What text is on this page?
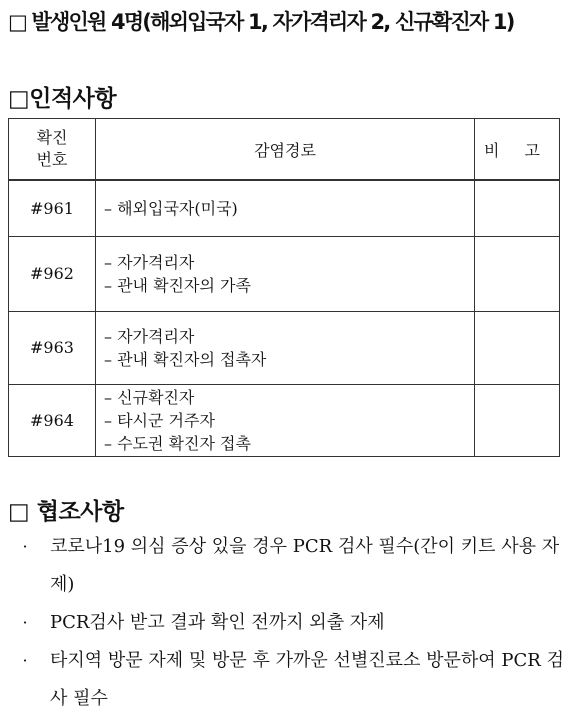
□ 발생인원 4명(해외입국자 1, 자가격리자 2, 신규확진자 1)
□인적사항
확진
번호	감염경로	비 고
#961	– 해외입국자(미국)	

#962	– 자가격리자
– 관내 확진자의 가족	

#963	– 자가격리자
– 관내 확진자의 접촉자	

#964	– 신규확진자
– 타시군 거주자
– 수도권 확진자 접촉	

□ 협조사항
·	코로나19 의심 증상 있을 경우 PCR 검사 필수(간이 키트 사용 자제)
·	PCR검사 받고 결과 확인 전까지 외출 자제
·	타지역 방문 자제 및 방문 후 가까운 선별진료소 방문하여 PCR 검사 필수
